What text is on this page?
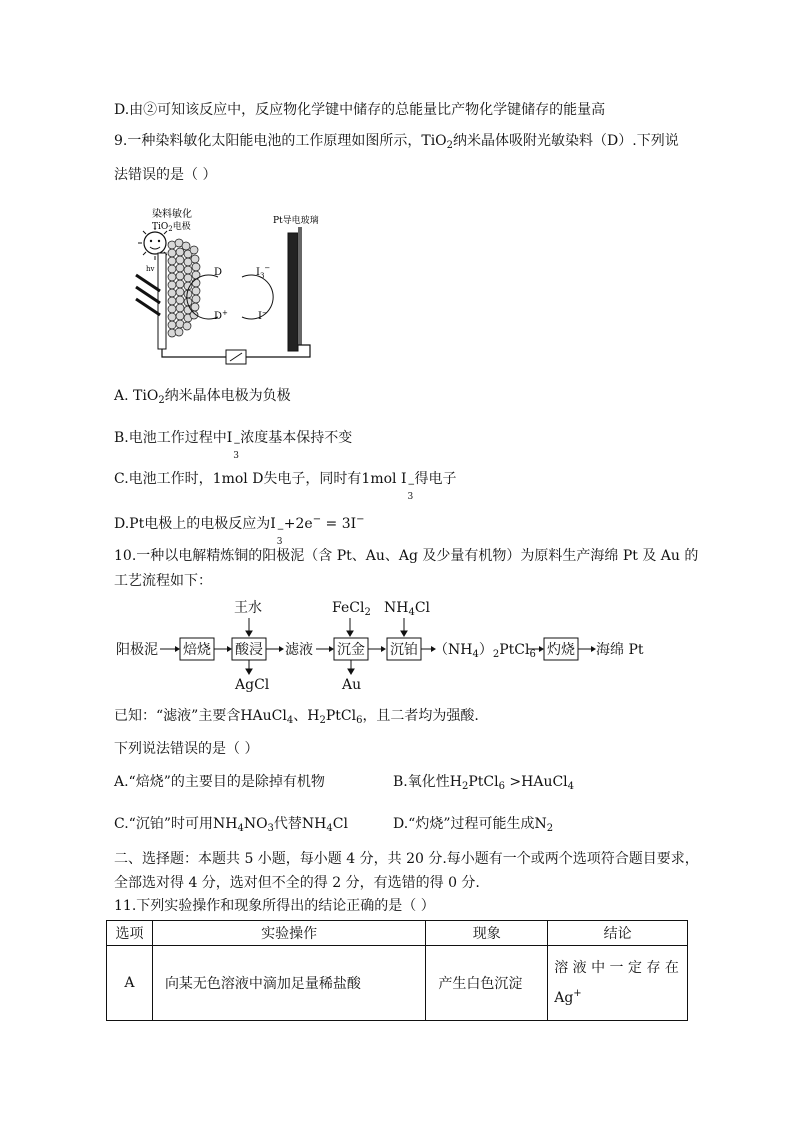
D.由②可知该反应中，反应物化学键中储存的总能量比产物化学键储存的能量高
9.一种染料敏化太阳能电池的工作原理如图所示，TiO$_2$纳米晶体吸附光敏染料（D）.下列说
法错误的是（ ）
染料敏化
TiO$_2$电极
Pt导电玻璃
hv	D
D+
$I_3^-$
I−
A. TiO$_2$纳米晶体电极为负极
B.电池工作过程中I −
3
浓度基本保持不变
C.电池工作时，1mol D失电子，同时有1mol I −
3
得电子
D.Pt电极上的电极反应为I −
3
+2e− = 3I−
10.一种以电解精炼铜的阳极泥（含 Pt、Au、Ag 及少量有机物）为原料生产海绵 Pt 及 Au 的
工艺流程如下：
王水	FeCl$_2$ $NH_4Cl$
阳极泥 焙烧 酸浸 滤液 沉金 沉铂 $(NH_4)_2PtCl_6$ 灼烧 海绵 Pt
AgCl	Au
已知：“滤液”主要含HAuCl$_4$、$H_2PtCl_6$，且二者均为强酸.
下列说法错误的是（ ）
A.“焙烧”的主要目的是除掉有机物	B.氧化性$H_2PtCl_6$ >HAuCl$_4$
C.“沉铂”时可用$NH_4NO_3$代替$NH_4Cl$	D.“灼烧”过程可能生成$N_2$
二、选择题：本题共 5 小题，每小题 4 分，共 20 分.每小题有一个或两个选项符合题目要求，
全部选对得 4 分，选对但不全的得 2 分，有选错的得 0 分.
11.下列实验操作和现象所得出的结论正确的是（ ）
选项	实验操作	现象	结论
A	向某无色溶液中滴加足量稀盐酸	产生白色沉淀	溶 液 中 一 定 存 在
Ag+
